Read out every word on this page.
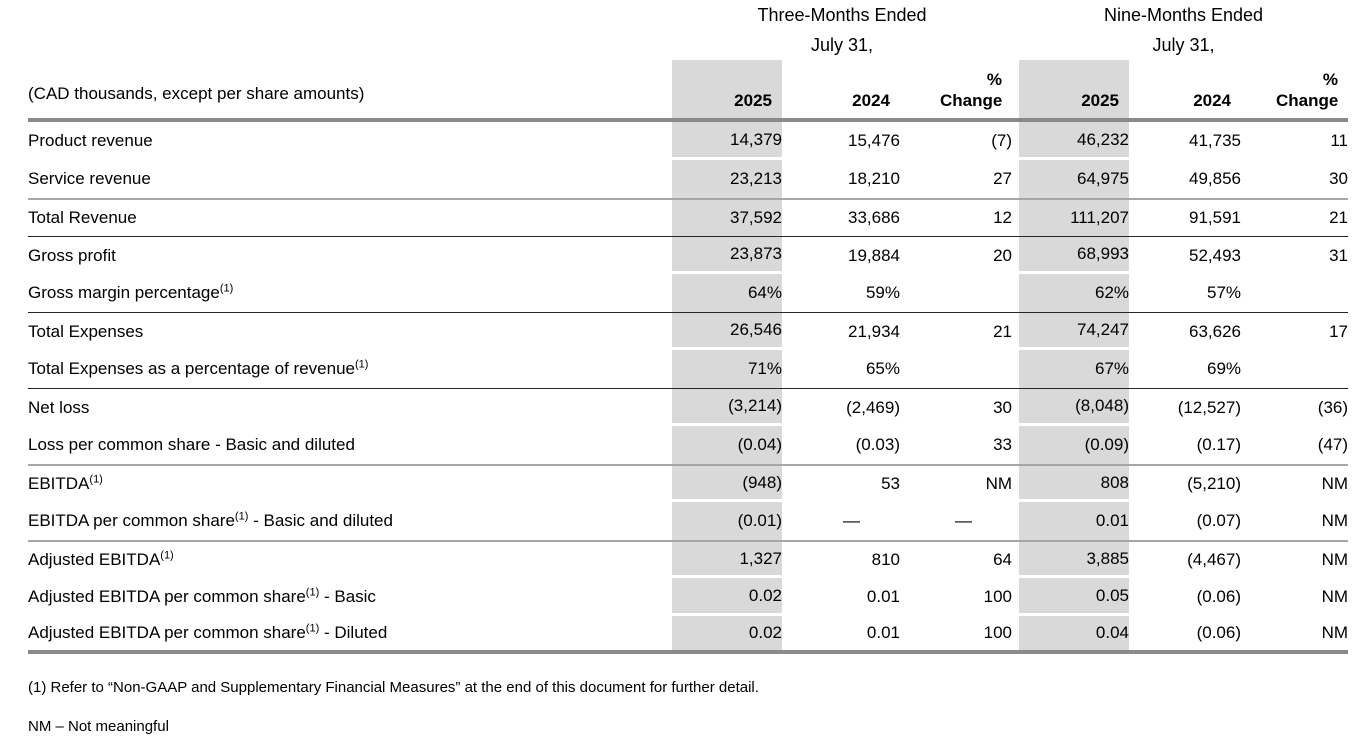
	Three-Months Ended				Nine-Months Ended		
	July 31,				July 31,		
(CAD thousands, except per share amounts)	2025	2024	% Change		2025	2024	% Change
Product revenue	14,379	15,476	(7)		46,232	41,735	11
Service revenue	23,213	18,210	27		64,975	49,856	30
Total Revenue	37,592	33,686	12		111,207	91,591	21
Gross profit	23,873	19,884	20		68,993	52,493	31
Gross margin percentage$^{(1)}$	64%	59%			62%	57%	
Total Expenses	26,546	21,934	21		74,247	63,626	17
Total Expenses as a percentage of revenue$^{(1)}$	71%	65%			67%	69%	
Net loss	(3,214)	(2,469)	30		(8,048)	(12,527)	(36)
Loss per common share - Basic and diluted	(0.04)	(0.03)	33		(0.09)	(0.17)	(47)
EBITDA$^{(1)}$	(948)	53	NM		808	(5,210)	NM
EBITDA per common share$^{(1)}$ - Basic and diluted	(0.01)	—	—		0.01	(0.07)	NM
Adjusted EBITDA$^{(1)}$	1,327	810	64		3,885	(4,467)	NM
Adjusted EBITDA per common share$^{(1)}$ - Basic	0.02	0.01	100		0.05	(0.06)	NM
Adjusted EBITDA per common share$^{(1)}$ - Diluted	0.02	0.01	100		0.04	(0.06)	NM

(1) Refer to “Non-GAAP and Supplementary Financial Measures” at the end of this document for further detail.

NM – Not meaningful
